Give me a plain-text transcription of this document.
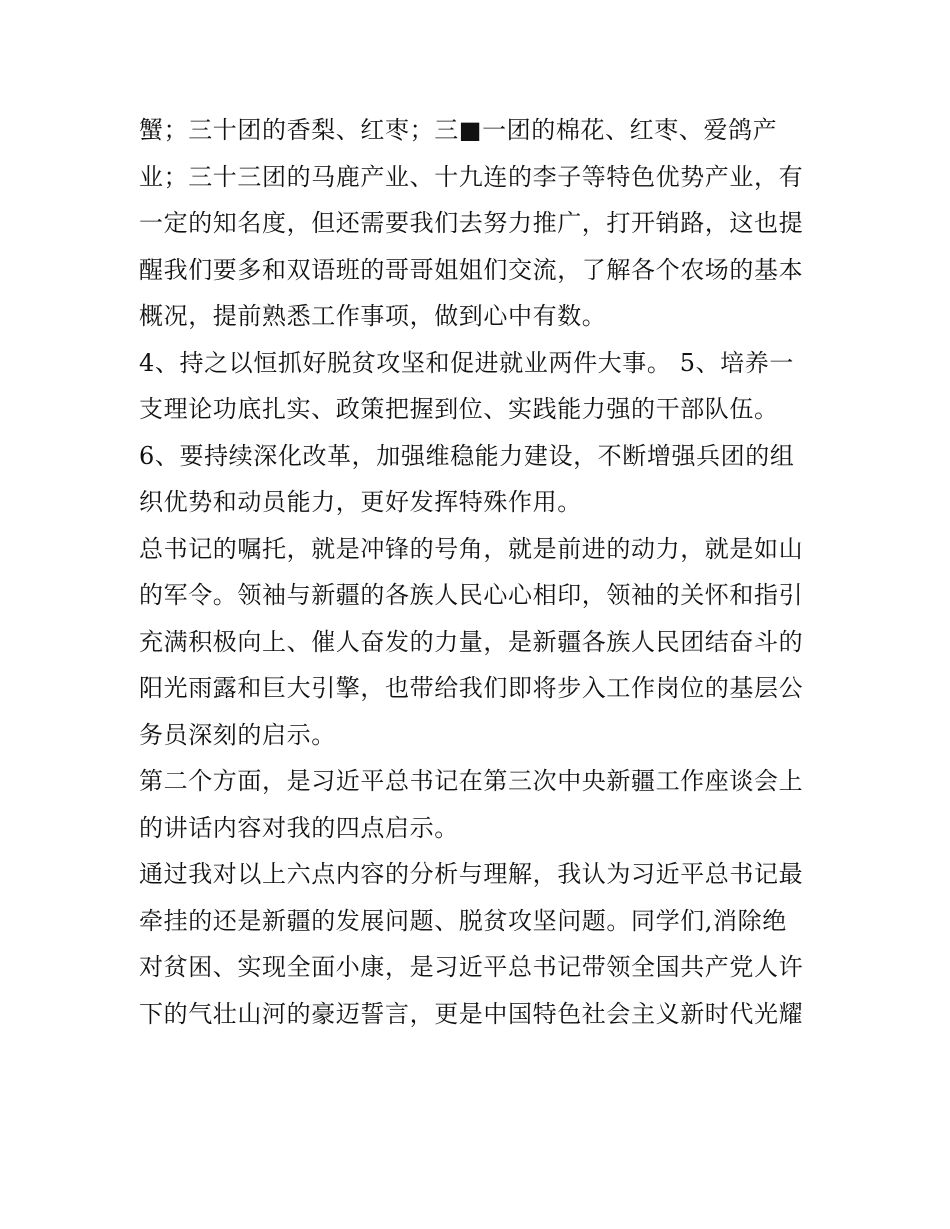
蟹；三十团的香梨、红枣；三■一团的棉花、红枣、爱鸽产
业；三十三团的马鹿产业、十九连的李子等特色优势产业，有
一定的知名度，但还需要我们去努力推广，打开销路，这也提
醒我们要多和双语班的哥哥姐姐们交流，了解各个农场的基本
概况，提前熟悉工作事项，做到心中有数。
4、持之以恒抓好脱贫攻坚和促进就业两件大事。 5、培养一
支理论功底扎实、政策把握到位、实践能力强的干部队伍。
6、要持续深化改革，加强维稳能力建设，不断增强兵团的组
织优势和动员能力，更好发挥特殊作用。
总书记的嘱托，就是冲锋的号角，就是前进的动力，就是如山
的军令。领袖与新疆的各族人民心心相印，领袖的关怀和指引
充满积极向上、催人奋发的力量，是新疆各族人民团结奋斗的
阳光雨露和巨大引擎，也带给我们即将步入工作岗位的基层公
务员深刻的启示。
第二个方面，是习近平总书记在第三次中央新疆工作座谈会上
的讲话内容对我的四点启示。
通过我对以上六点内容的分析与理解，我认为习近平总书记最
牵挂的还是新疆的发展问题、脱贫攻坚问题。同学们,消除绝
对贫困、实现全面小康，是习近平总书记带领全国共产党人许
下的气壮山河的豪迈誓言，更是中国特色社会主义新时代光耀
